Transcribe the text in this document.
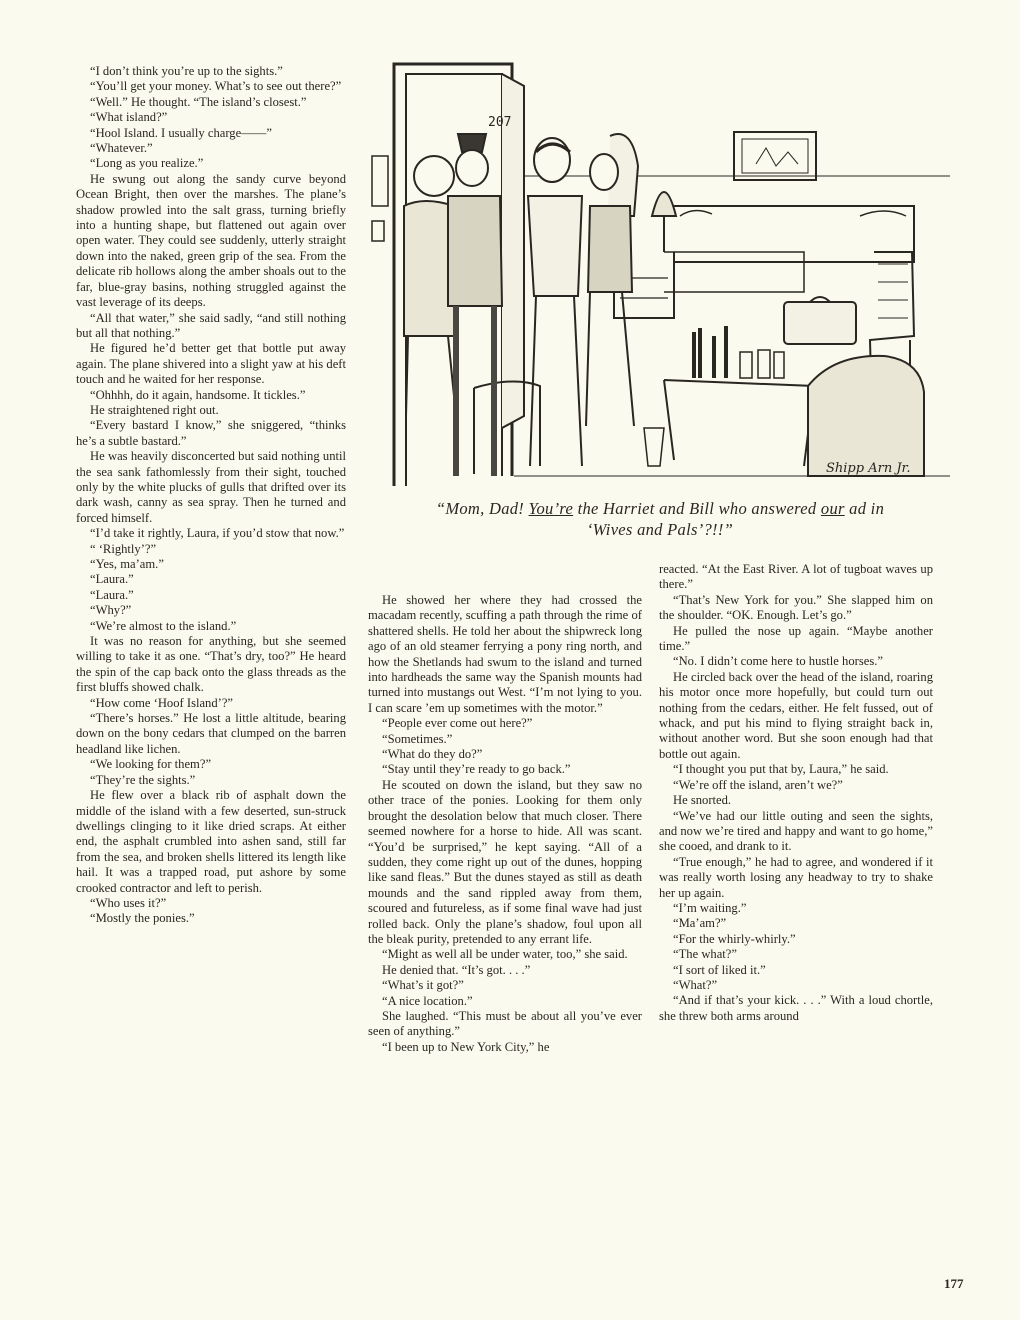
“I don’t think you’re up to the sights.”

“You’ll get your money. What’s to see out there?”

“Well.” He thought. “The island’s closest.”

“What island?”

“Hool Island. I usually charge——”

“Whatever.”

“Long as you realize.”

He swung out along the sandy curve beyond Ocean Bright, then over the marshes. The plane’s shadow prowled into the salt grass, turning briefly into a hunting shape, but flattened out again over open water. They could see suddenly, utterly straight down into the naked, green grip of the sea. From the delicate rib hollows along the amber shoals out to the far, blue-gray basins, nothing struggled against the vast leverage of its deeps.

“All that water,” she said sadly, “and still nothing but all that nothing.”

He figured he’d better get that bottle put away again. The plane shivered into a slight yaw at his deft touch and he waited for her response.

“Ohhhh, do it again, handsome. It tickles.”

He straightened right out.

“Every bastard I know,” she sniggered, “thinks he’s a subtle bastard.”

He was heavily disconcerted but said nothing until the sea sank fathomlessly from their sight, touched only by the white plucks of gulls that drifted over its dark wash, canny as sea spray. Then he turned and forced himself.

“I’d take it rightly, Laura, if you’d stow that now.”

“ ‘Rightly’?”

“Yes, ma’am.”

“Laura.”

“Laura.”

“Why?”

“We’re almost to the island.”

It was no reason for anything, but she seemed willing to take it as one. “That’s dry, too?” He heard the spin of the cap back onto the glass threads as the first bluffs showed chalk.

“How come ‘Hoof Island’?”

“There’s horses.” He lost a little altitude, bearing down on the bony cedars that clumped on the barren headland like lichen.

“We looking for them?”

“They’re the sights.”

He flew over a black rib of asphalt down the middle of the island with a few deserted, sun-struck dwellings clinging to it like dried scraps. At either end, the asphalt crumbled into ashen sand, still far from the sea, and broken shells littered its length like hail. It was a trapped road, put ashore by some crooked contractor and left to perish.

“Who uses it?”

“Mostly the ponies.”

207
Shipp Arn Jr.
“Mom, Dad! You’re the Harriet and Bill who answered our ad in ‘Wives and Pals’?!!”

He showed her where they had crossed the macadam recently, scuffing a path through the rime of shattered shells. He told her about the shipwreck long ago of an old steamer ferrying a pony ring north, and how the Shetlands had swum to the island and turned into hardheads the same way the Spanish mounts had turned into mustangs out West. “I’m not lying to you. I can scare ’em up sometimes with the motor.”

“People ever come out here?”

“Sometimes.”

“What do they do?”

“Stay until they’re ready to go back.”

He scouted on down the island, but they saw no other trace of the ponies. Looking for them only brought the desolation below that much closer. There seemed nowhere for a horse to hide. All was scant. “You’d be surprised,” he kept saying. “All of a sudden, they come right up out of the dunes, hopping like sand fleas.” But the dunes stayed as still as death mounds and the sand rippled away from them, scoured and futureless, as if some final wave had just rolled back. Only the plane’s shadow, foul upon all the bleak purity, pretended to any errant life.

“Might as well all be under water, too,” she said.

He denied that. “It’s got. . . .”

“What’s it got?”

“A nice location.”

She laughed. “This must be about all you’ve ever seen of anything.”

“I been up to New York City,” he

reacted. “At the East River. A lot of tugboat waves up there.”

“That’s New York for you.” She slapped him on the shoulder. “OK. Enough. Let’s go.”

He pulled the nose up again. “Maybe another time.”

“No. I didn’t come here to hustle horses.”

He circled back over the head of the island, roaring his motor once more hopefully, but could turn out nothing from the cedars, either. He felt fussed, out of whack, and put his mind to flying straight back in, without another word. But she soon enough had that bottle out again.

“I thought you put that by, Laura,” he said.

“We’re off the island, aren’t we?”

He snorted.

“We’ve had our little outing and seen the sights, and now we’re tired and happy and want to go home,” she cooed, and drank to it.

“True enough,” he had to agree, and wondered if it was really worth losing any headway to try to shake her up again.

“I’m waiting.”

“Ma’am?”

“For the whirly-whirly.”

“The what?”

“I sort of liked it.”

“What?”

“And if that’s your kick. . . .” With a loud chortle, she threw both arms around

177
